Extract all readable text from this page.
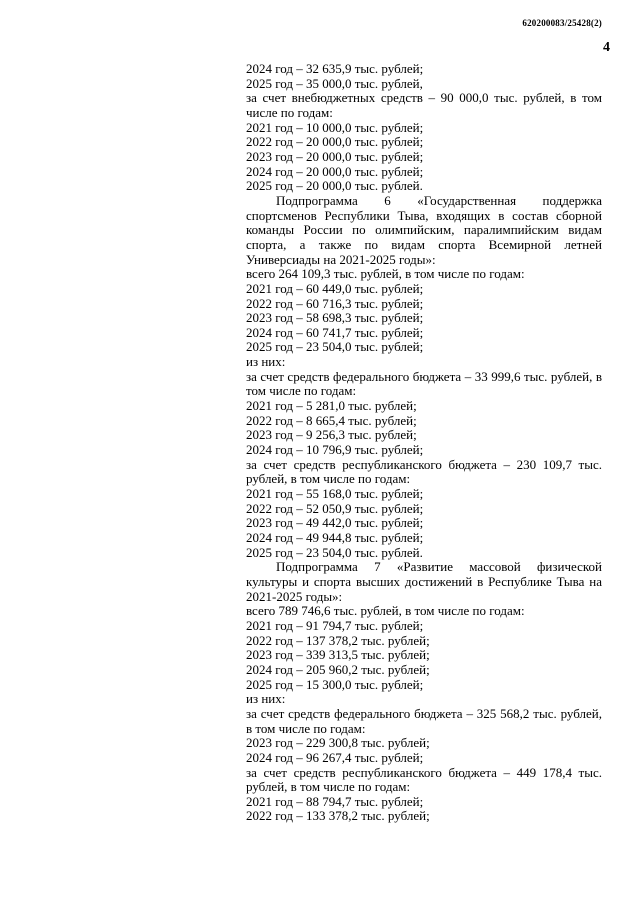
620200083/25428(2)
4
2024 год – 32 635,9 тыс. рублей;
2025 год – 35 000,0 тыс. рублей,
за счет внебюджетных средств – 90 000,0 тыс. рублей, в том числе по годам:
2021 год – 10 000,0 тыс. рублей;
2022 год – 20 000,0 тыс. рублей;
2023 год – 20 000,0 тыс. рублей;
2024 год – 20 000,0 тыс. рублей;
2025 год – 20 000,0 тыс. рублей.
Подпрограмма 6 «Государственная поддержка спортсменов Республики Тыва, входящих в состав сборной команды России по олимпийским, паралимпийским видам спорта, а также по видам спорта Всемирной летней Универсиады на 2021-2025 годы»:
всего 264 109,3 тыс. рублей, в том числе по годам:
2021 год – 60 449,0 тыс. рублей;
2022 год – 60 716,3 тыс. рублей;
2023 год – 58 698,3 тыс. рублей;
2024 год – 60 741,7 тыс. рублей;
2025 год – 23 504,0 тыс. рублей;
из них:
за счет средств федерального бюджета – 33 999,6 тыс. рублей, в том числе по годам:
2021 год – 5 281,0 тыс. рублей;
2022 год – 8 665,4 тыс. рублей;
2023 год – 9 256,3 тыс. рублей;
2024 год – 10 796,9 тыс. рублей;
за счет средств республиканского бюджета – 230 109,7 тыс. рублей, в том числе по годам:
2021 год – 55 168,0 тыс. рублей;
2022 год – 52 050,9 тыс. рублей;
2023 год – 49 442,0 тыс. рублей;
2024 год – 49 944,8 тыс. рублей;
2025 год – 23 504,0 тыс. рублей.
Подпрограмма 7 «Развитие массовой физической культуры и спорта высших достижений в Республике Тыва на 2021-2025 годы»:
всего 789 746,6 тыс. рублей, в том числе по годам:
2021 год – 91 794,7 тыс. рублей;
2022 год – 137 378,2 тыс. рублей;
2023 год – 339 313,5 тыс. рублей;
2024 год – 205 960,2 тыс. рублей;
2025 год – 15 300,0 тыс. рублей;
из них:
за счет средств федерального бюджета – 325 568,2 тыс. рублей, в том числе по годам:
2023 год – 229 300,8 тыс. рублей;
2024 год – 96 267,4 тыс. рублей;
за счет средств республиканского бюджета – 449 178,4 тыс. рублей, в том числе по годам:
2021 год – 88 794,7 тыс. рублей;
2022 год – 133 378,2 тыс. рублей;
